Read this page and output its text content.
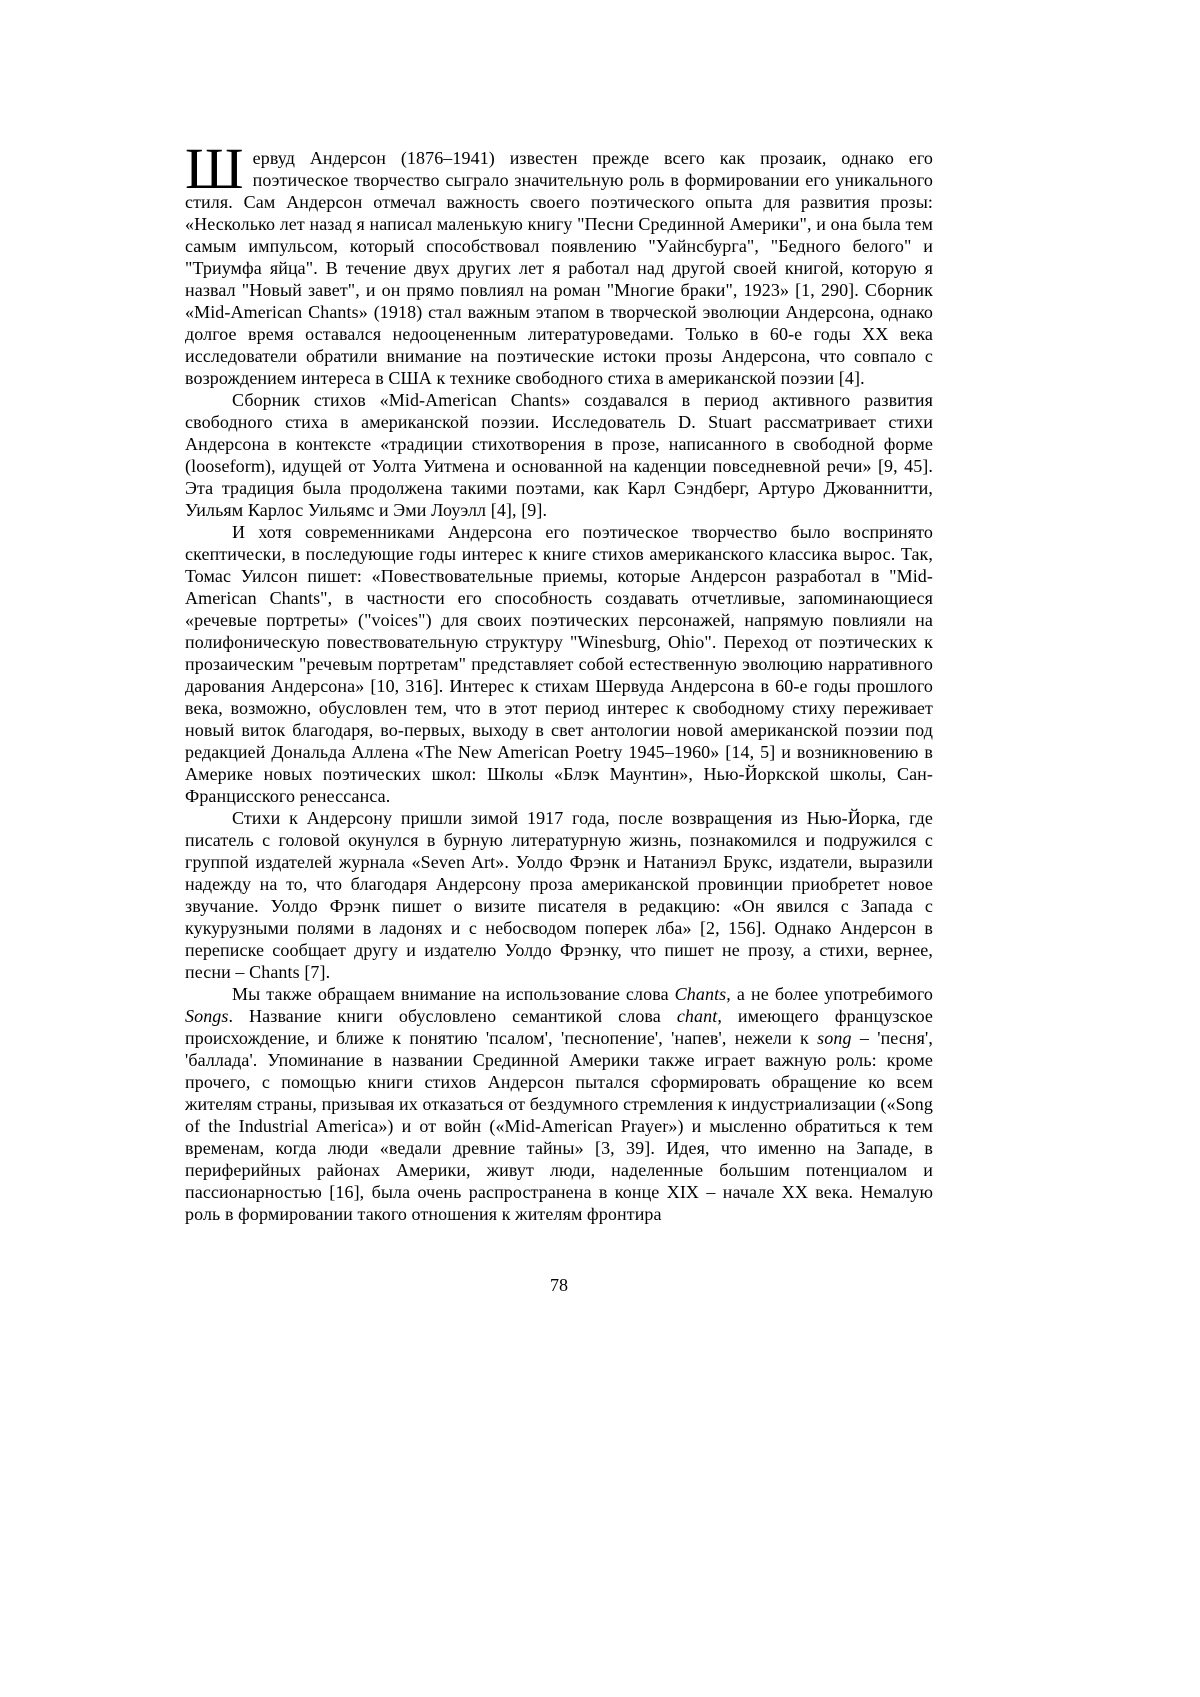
Шервуд Андерсон (1876–1941) известен прежде всего как прозаик, однако его поэтическое творчество сыграло значительную роль в формировании его уникального стиля. Сам Андерсон отмечал важность своего поэтического опыта для развития прозы: «Несколько лет назад я написал маленькую книгу "Песни Срединной Америки", и она была тем самым импульсом, который способствовал появлению "Уайнсбурга", "Бедного белого" и "Триумфа яйца". В течение двух других лет я работал над другой своей книгой, которую я назвал "Новый завет", и он прямо повлиял на роман "Многие браки", 1923» [1, 290]. Сборник «Mid-American Chants» (1918) стал важным этапом в творческой эволюции Андерсона, однако долгое время оставался недооцененным литературоведами. Только в 60-е годы XX века исследователи обратили внимание на поэтические истоки прозы Андерсона, что совпало с возрождением интереса в США к технике свободного стиха в американской поэзии [4].

Сборник стихов «Mid-American Chants» создавался в период активного развития свободного стиха в американской поэзии. Исследователь D. Stuart рассматривает стихи Андерсона в контексте «традиции стихотворения в прозе, написанного в свободной форме (looseform), идущей от Уолта Уитмена и основанной на каденции повседневной речи» [9, 45]. Эта традиция была продолжена такими поэтами, как Карл Сэндберг, Артуро Джованнитти, Уильям Карлос Уильямс и Эми Лоуэлл [4], [9].

И хотя современниками Андерсона его поэтическое творчество было воспринято скептически, в последующие годы интерес к книге стихов американского классика вырос. Так, Томас Уилсон пишет: «Повествовательные приемы, которые Андерсон разработал в "Mid-American Chants", в частности его способность создавать отчетливые, запоминающиеся «речевые портреты» ("voices") для своих поэтических персонажей, напрямую повлияли на полифоническую повествовательную структуру "Winesburg, Ohio". Переход от поэтических к прозаическим "речевым портретам" представляет собой естественную эволюцию нарративного дарования Андерсона» [10, 316]. Интерес к стихам Шервуда Андерсона в 60-е годы прошлого века, возможно, обусловлен тем, что в этот период интерес к свободному стиху переживает новый виток благодаря, во-первых, выходу в свет антологии новой американской поэзии под редакцией Дональда Аллена «The New American Poetry 1945–1960» [14, 5] и возникновению в Америке новых поэтических школ: Школы «Блэк Маунтин», Нью-Йоркской школы, Сан-Францисского ренессанса.

Стихи к Андерсону пришли зимой 1917 года, после возвращения из Нью-Йорка, где писатель с головой окунулся в бурную литературную жизнь, познакомился и подружился с группой издателей журнала «Seven Art». Уолдо Фрэнк и Натаниэл Брукс, издатели, выразили надежду на то, что благодаря Андерсону проза американской провинции приобретет новое звучание. Уолдо Фрэнк пишет о визите писателя в редакцию: «Он явился с Запада с кукурузными полями в ладонях и с небосводом поперек лба» [2, 156]. Однако Андерсон в переписке сообщает другу и издателю Уолдо Фрэнку, что пишет не прозу, а стихи, вернее, песни – Chants [7].

Мы также обращаем внимание на использование слова Chants, а не более употребимого Songs. Название книги обусловлено семантикой слова chant, имеющего французское происхождение, и ближе к понятию 'псалом', 'песнопение', 'напев', нежели к song – 'песня', 'баллада'. Упоминание в названии Срединной Америки также играет важную роль: кроме прочего, с помощью книги стихов Андерсон пытался сформировать обращение ко всем жителям страны, призывая их отказаться от бездумного стремления к индустриализации («Song of the Industrial America») и от войн («Mid-American Prayer») и мысленно обратиться к тем временам, когда люди «ведали древние тайны» [3, 39]. Идея, что именно на Западе, в периферийных районах Америки, живут люди, наделенные большим потенциалом и пассионарностью [16], была очень распространена в конце XIX – начале XX века. Немалую роль в формировании такого отношения к жителям фронтира

78
